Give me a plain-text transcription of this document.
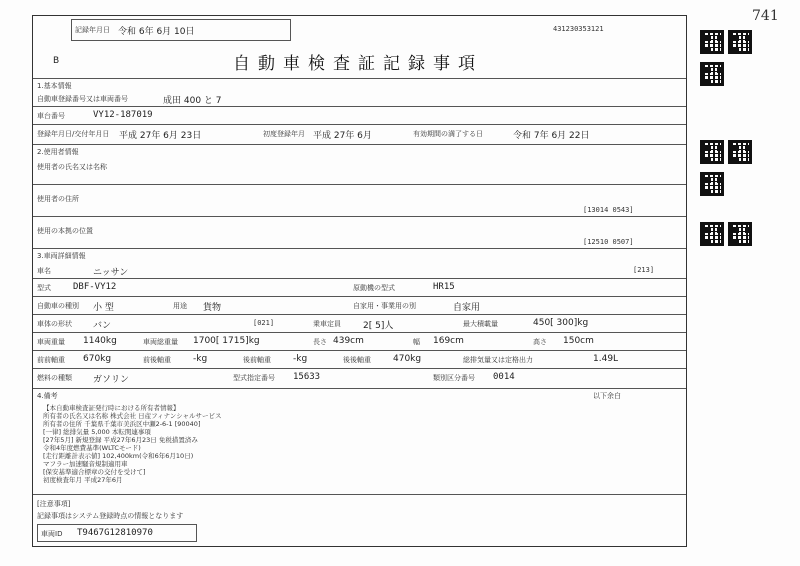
741
記録年月日 令和 6年 6月 10日	431230353121
自動車検査証記録事項
B
1.基本情報
自動車登録番号又は車両番号	成田 400 と 7
車台番号	VY12-187019
登録年月日/交付年月日 平成 27年 6月 23日	初度登録年月 平成 27年 6月	有効期間の満了する日	令和 7年 6月 22日
2.使用者情報
使用者の氏名又は名称
使用者の住所
[13014 0543]
使用の本拠の位置
[12510 0507]
3.車両詳細情報
車名	ニッサン	[213]
型式 DBF-VY12	原動機の型式	HR15
自動車の種別 小 型	用途 貨物	自家用・事業用の別	自家用
車体の形状 バン	[021]	乗車定員 2[ 5]人	最大積載量	450[ 300]kg
車両重量 1140kg	車両総重量 1700[ 1715]kg	長さ 439cm	幅 169cm	高さ 150cm
前前軸重 670kg	前後軸重 -kg	後前軸重 -kg	後後軸重 470kg	総排気量又は定格出力	1.49L
燃料の種類 ガソリン	型式指定番号 15633	類別区分番号 0014
4.備考	以下余白
【本自動車検査証発行時における所有者情報】
所有者の氏名又は名称 株式会社 日産フィナンシャルサービス
所有者の住所 千葉県千葉市美浜区中瀬2-6-1 [90040]
[一律] 総排気量 5,000 本転関連事項
[27年5月] 新規登録 平成27年6月23日 免税措置済み
令和4年度燃費基準(WLTCモード)
[走行距離計表示値] 102,400km(令和6年6月10日)
マフラー加速騒音規制適用車
[保安基準適合標章の交付を受けて]
初度検査年月 平成27年6月
[注意事項]
記録事項はシステム登録時点の情報となります
車両ID T9467G12810970
